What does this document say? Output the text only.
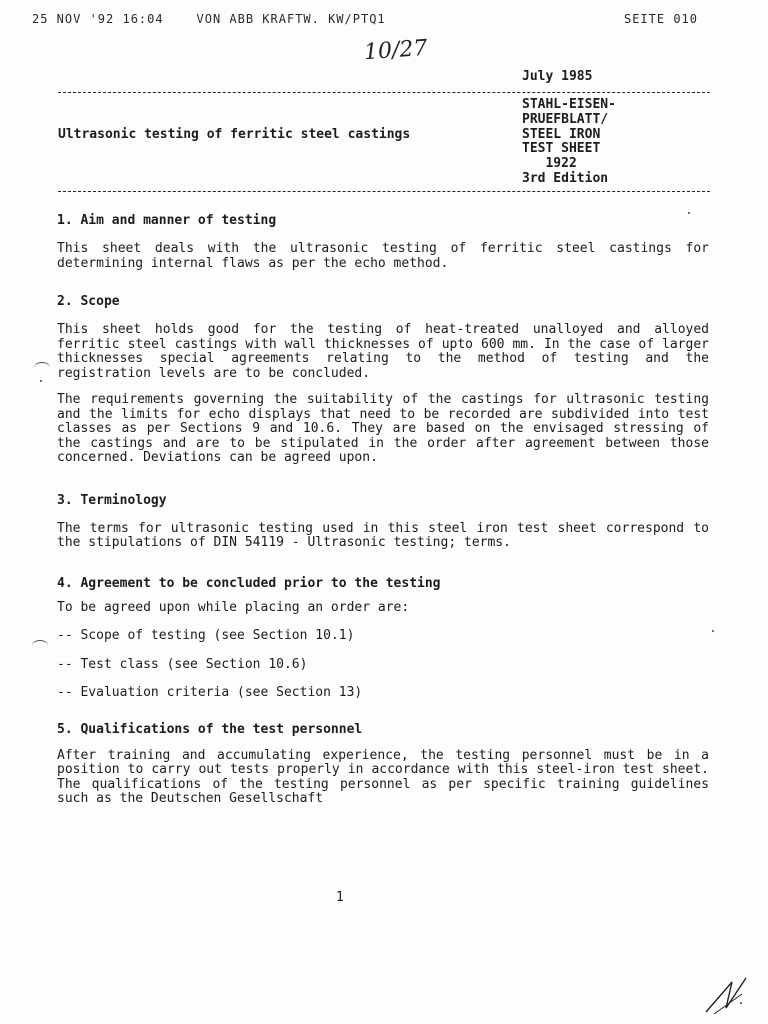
25 NOV '92 16:04    VON ABB KRAFTW. KW/PTQ1	SEITE 010
10/27
July 1985
Ultrasonic testing of ferritic steel castings
STAHL-EISEN-
PRUEFBLATT/
STEEL IRON
TEST SHEET
1922
3rd Edition

1. Aim and manner of testing

This sheet deals with the ultrasonic testing of ferritic steel castings for determining internal flaws as per the echo method.

2. Scope

This sheet holds good for the testing of heat-treated unalloyed and alloyed ferritic steel castings with wall thicknesses of upto 600 mm. In the case of larger thicknesses special agreements relating to the method of testing and the registration levels are to be concluded.

The requirements governing the suitability of the castings for ultrasonic testing and the limits for echo displays that need to be recorded are subdivided into test classes as per Sections 9 and 10.6. They are based on the envisaged stressing of the castings and are to be stipulated in the order after agreement between those concerned. Deviations can be agreed upon.

3. Terminology

The terms for ultrasonic testing used in this steel iron test sheet correspond to the stipulations of DIN 54119 - Ultrasonic testing; terms.

4. Agreement to be concluded prior to the testing

To be agreed upon while placing an order are:

-- Scope of testing (see Section 10.1)

-- Test class (see Section 10.6)

-- Evaluation criteria (see Section 13)

5. Qualifications of the test personnel

After training and accumulating experience, the testing personnel must be in a position to carry out tests properly in accordance with this steel-iron test sheet. The qualifications of the testing personnel as per specific training guidelines such as the Deutschen Gesellschaft

1
